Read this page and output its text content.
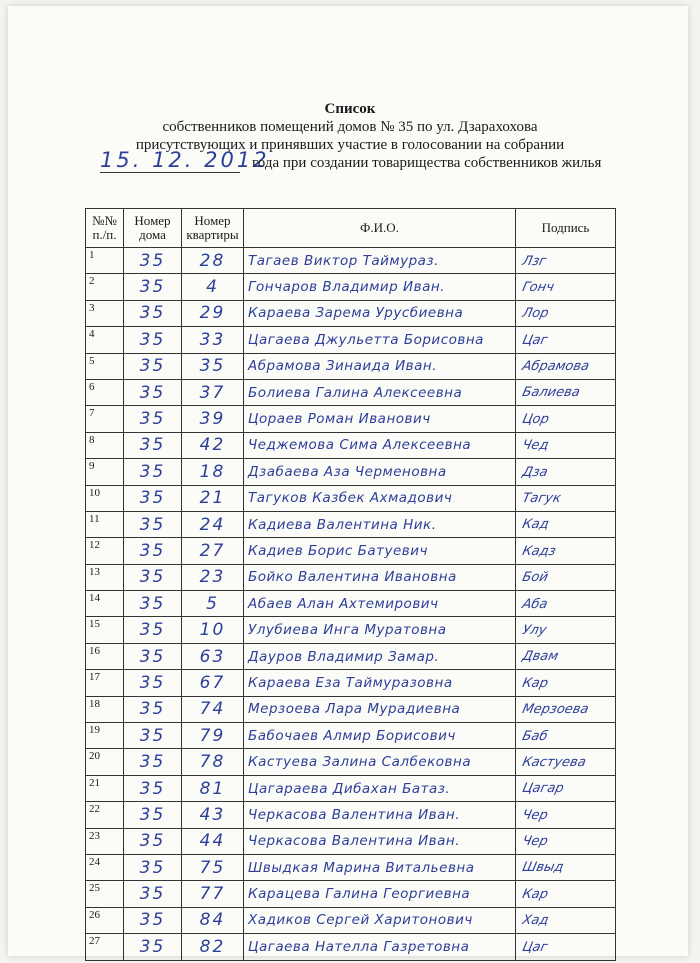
Список
собственников помещений домов № 35 по ул. Дзарахохова
присутствующих и принявших участие в голосовании на собрании
15. 12. 2012
года при создании товарищества собственников жилья
№№ п./п.	Номер дома	Номер квартиры	Ф.И.О.	Подпись
1	35	28	Тагаев Виктор Таймураз.	Лзг
2	35	4	Гончаров Владимир Иван.	Гонч
3	35	29	Караева Зарема Урусбиевна	Лор
4	35	33	Цагаева Джульетта Борисовна	Цаг
5	35	35	Абрамова Зинаида Иван.	Абрамова
6	35	37	Болиева Галина Алексеевна	Балиева
7	35	39	Цораев Роман Иванович	Цор
8	35	42	Чеджемова Сима Алексеевна	Чед
9	35	18	Дзабаева Аза Черменовна	Дза
10	35	21	Тагуков Казбек Ахмадович	Тагук
11	35	24	Кадиева Валентина Ник.	Кад
12	35	27	Кадиев Борис Батуевич	Кадз
13	35	23	Бойко Валентина Ивановна	Бой
14	35	5	Абаев Алан Ахтемирович	Аба
15	35	10	Улубиева Инга Муратовна	Улу
16	35	63	Дауров Владимир Замар.	Двам
17	35	67	Караева Еза Таймуразовна	Кар
18	35	74	Мерзоева Лара Мурадиевна	Мерзоева
19	35	79	Бабочаев Алмир Борисович	Баб
20	35	78	Кастуева Залина Салбековна	Кастуева
21	35	81	Цагараева Дибахан Батаз.	Цагар
22	35	43	Черкасова Валентина Иван.	Чер
23	35	44	Черкасова Валентина Иван.	Чер
24	35	75	Швыдкая Марина Витальевна	Швыд
25	35	77	Карацева Галина Георгиевна	Кар
26	35	84	Хадиков Сергей Харитонович	Хад
27	35	82	Цагаева Нателла Газретовна	Цаг
